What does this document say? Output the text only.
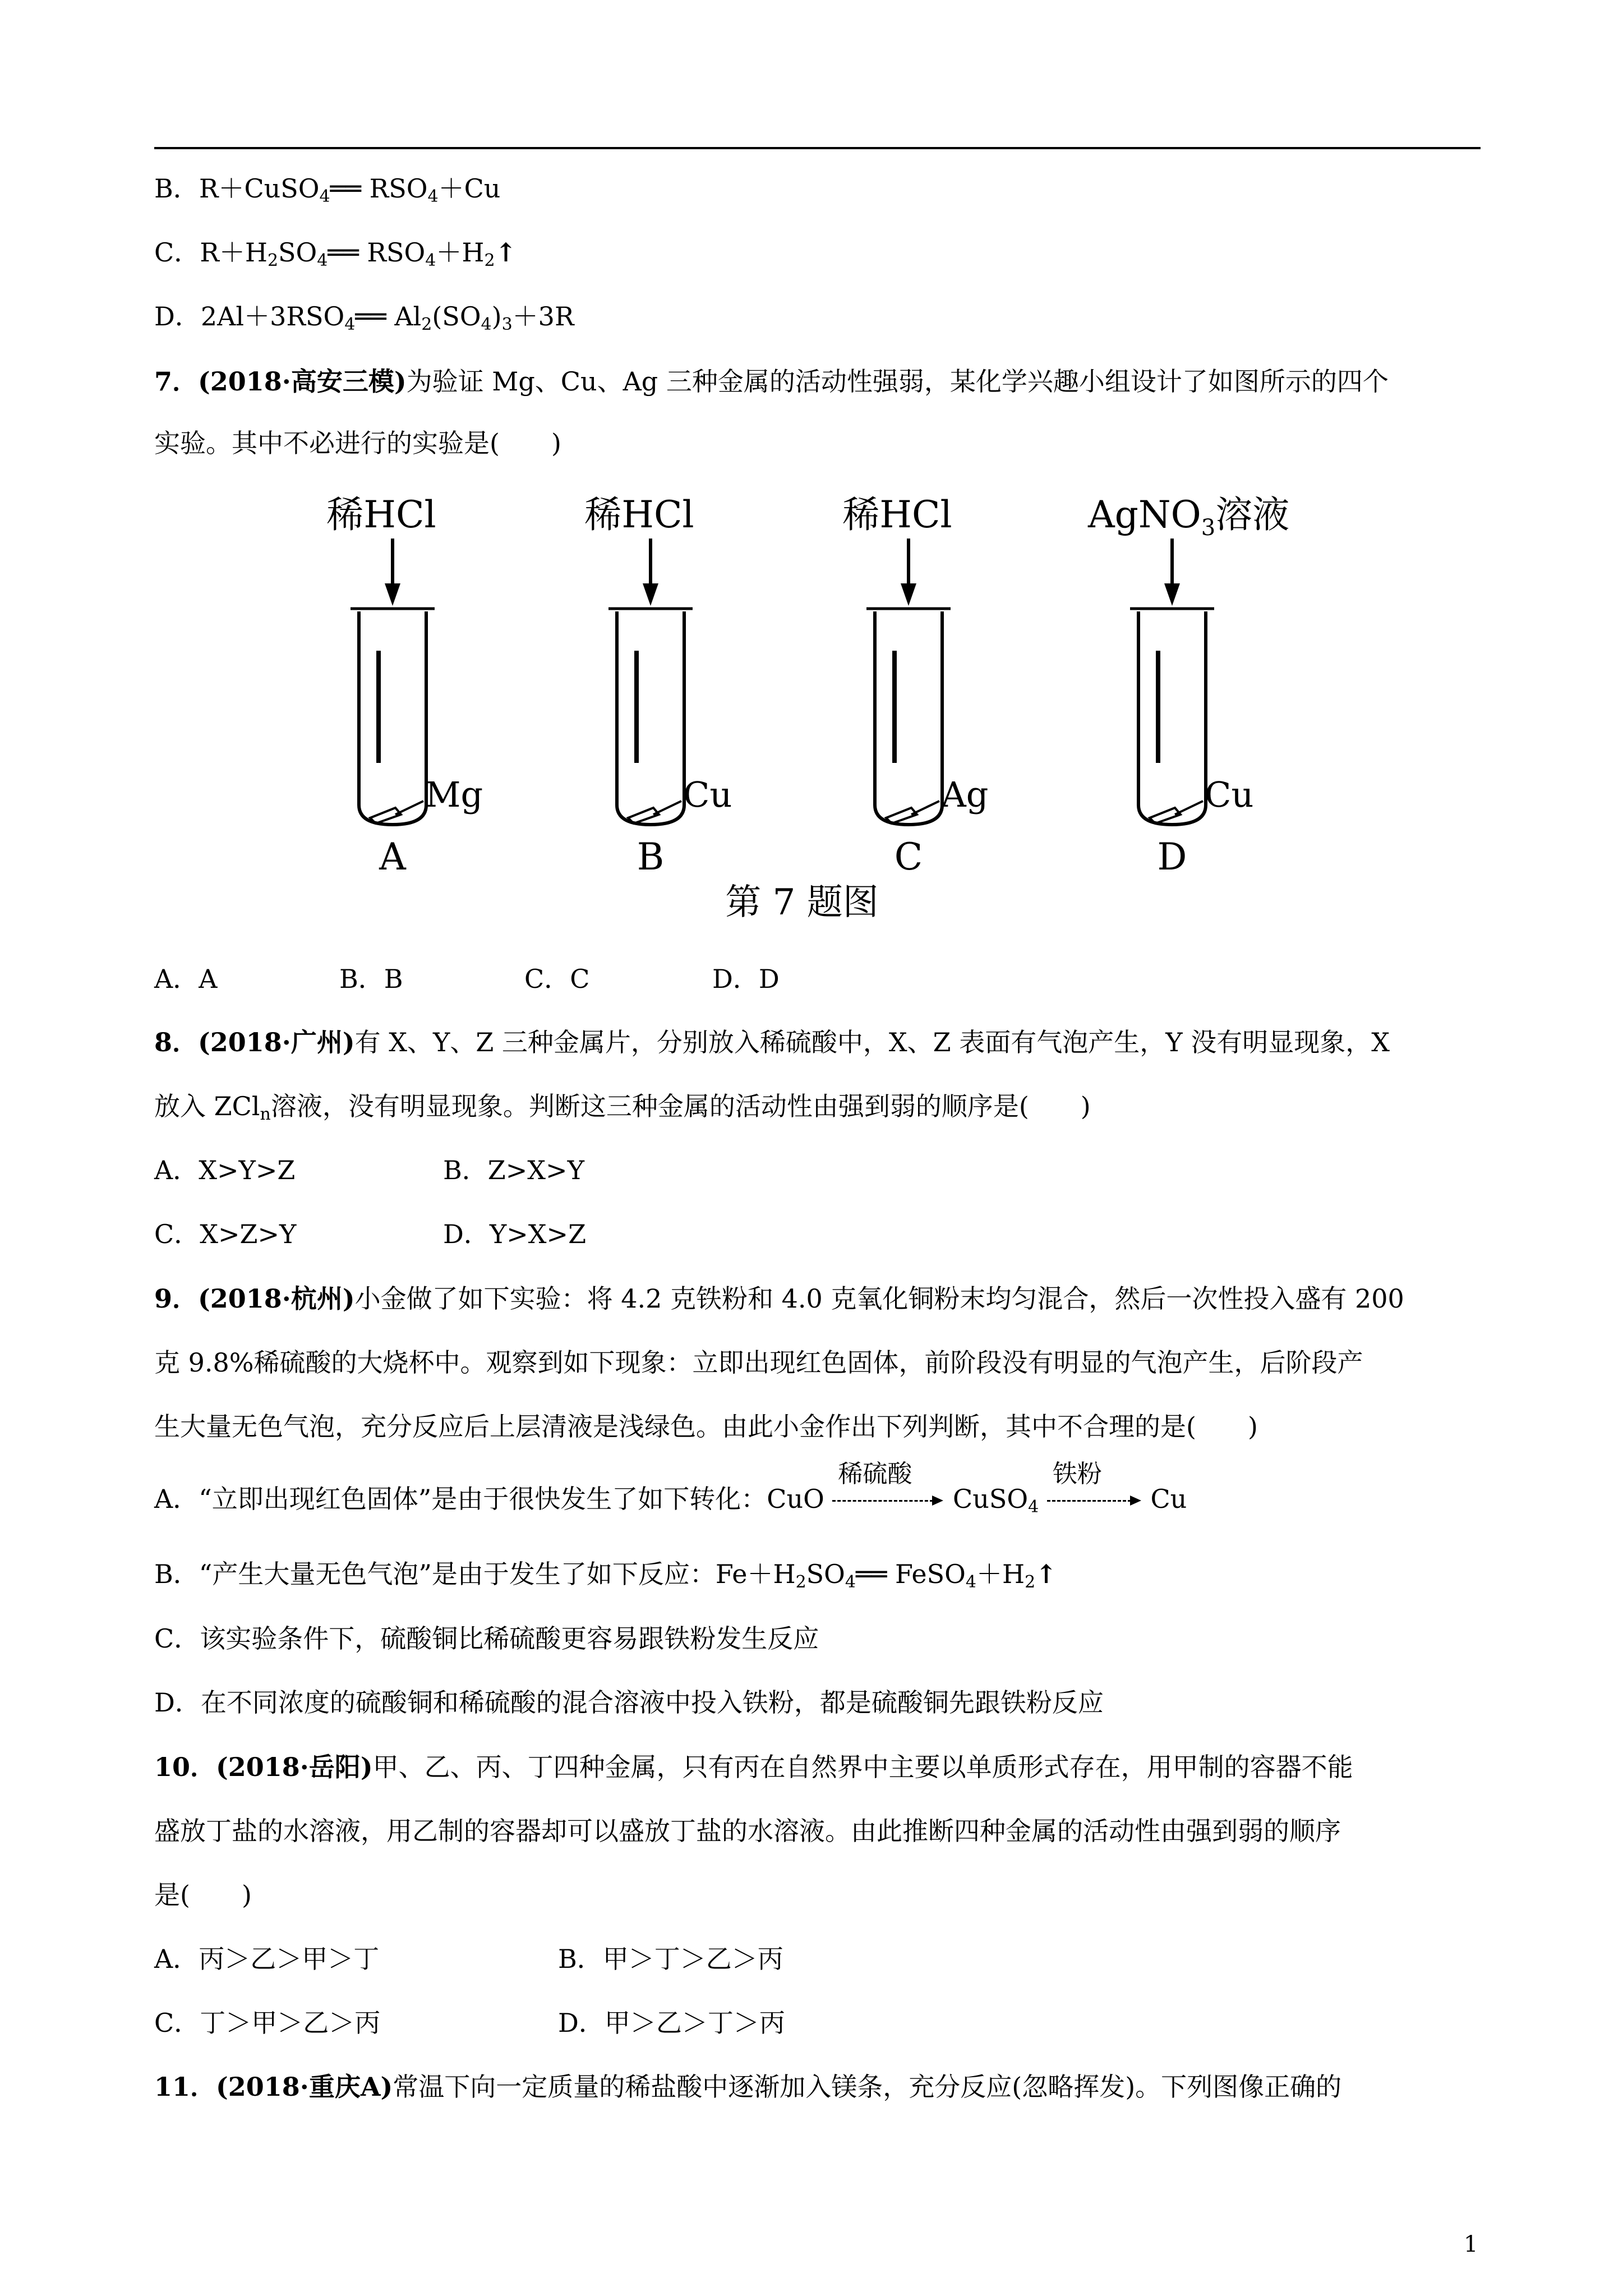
B．R＋CuSO$_4$══ $RSO_4+Cu$
C．$R+H_2SO_4══$ $RSO_4+H_2↑$
D．$2Al+3RSO_4══$ $Al_2(SO_4)_3+3R$
7．(2018·高安三模)为验证 Mg、Cu、Ag 三种金属的活动性强弱，某化学兴趣小组设计了如图所示的四个
实验。其中不必进行的实验是(　　)
稀HCl
Mg
A
稀HCl
Cu
B
稀HCl
Ag
C
AgNO$_3$溶液
Cu
D
第 7 题图
A．A	B．B	C．C	D．D
8．(2018·广州)有 X、Y、Z 三种金属片，分别放入稀硫酸中，X、Z 表面有气泡产生，Y 没有明显现象，X
放入 ZCl$_n$溶液，没有明显现象。判断这三种金属的活动性由强到弱的顺序是(　　)
A．X>Y>Z	B．Z>X>Y
C．X>Z>Y	D．Y>X>Z
9．(2018·杭州)小金做了如下实验：将 4.2 克铁粉和 4.0 克氧化铜粉末均匀混合，然后一次性投入盛有 200
克 9.8%稀硫酸的大烧杯中。观察到如下现象：立即出现红色固体，前阶段没有明显的气泡产生，后阶段产
生大量无色气泡，充分反应后上层清液是浅绿色。由此小金作出下列判断，其中不合理的是(　　)
A．“立即出现红色固体”是由于很快发生了如下转化：CuO
稀硫酸
CuSO$_4$
铁粉
Cu
B．“产生大量无色气泡”是由于发生了如下反应：$Fe+H_2SO_4══$ $FeSO_4+H_2↑$
C．该实验条件下，硫酸铜比稀硫酸更容易跟铁粉发生反应
D．在不同浓度的硫酸铜和稀硫酸的混合溶液中投入铁粉，都是硫酸铜先跟铁粉反应
10．(2018·岳阳)甲、乙、丙、丁四种金属，只有丙在自然界中主要以单质形式存在，用甲制的容器不能
盛放丁盐的水溶液，用乙制的容器却可以盛放丁盐的水溶液。由此推断四种金属的活动性由强到弱的顺序
是(　　)
A．丙＞乙＞甲＞丁	B．甲＞丁＞乙＞丙
C．丁＞甲＞乙＞丙	D．甲＞乙＞丁＞丙
11．(2018·重庆A)常温下向一定质量的稀盐酸中逐渐加入镁条，充分反应(忽略挥发)。下列图像正确的
1
